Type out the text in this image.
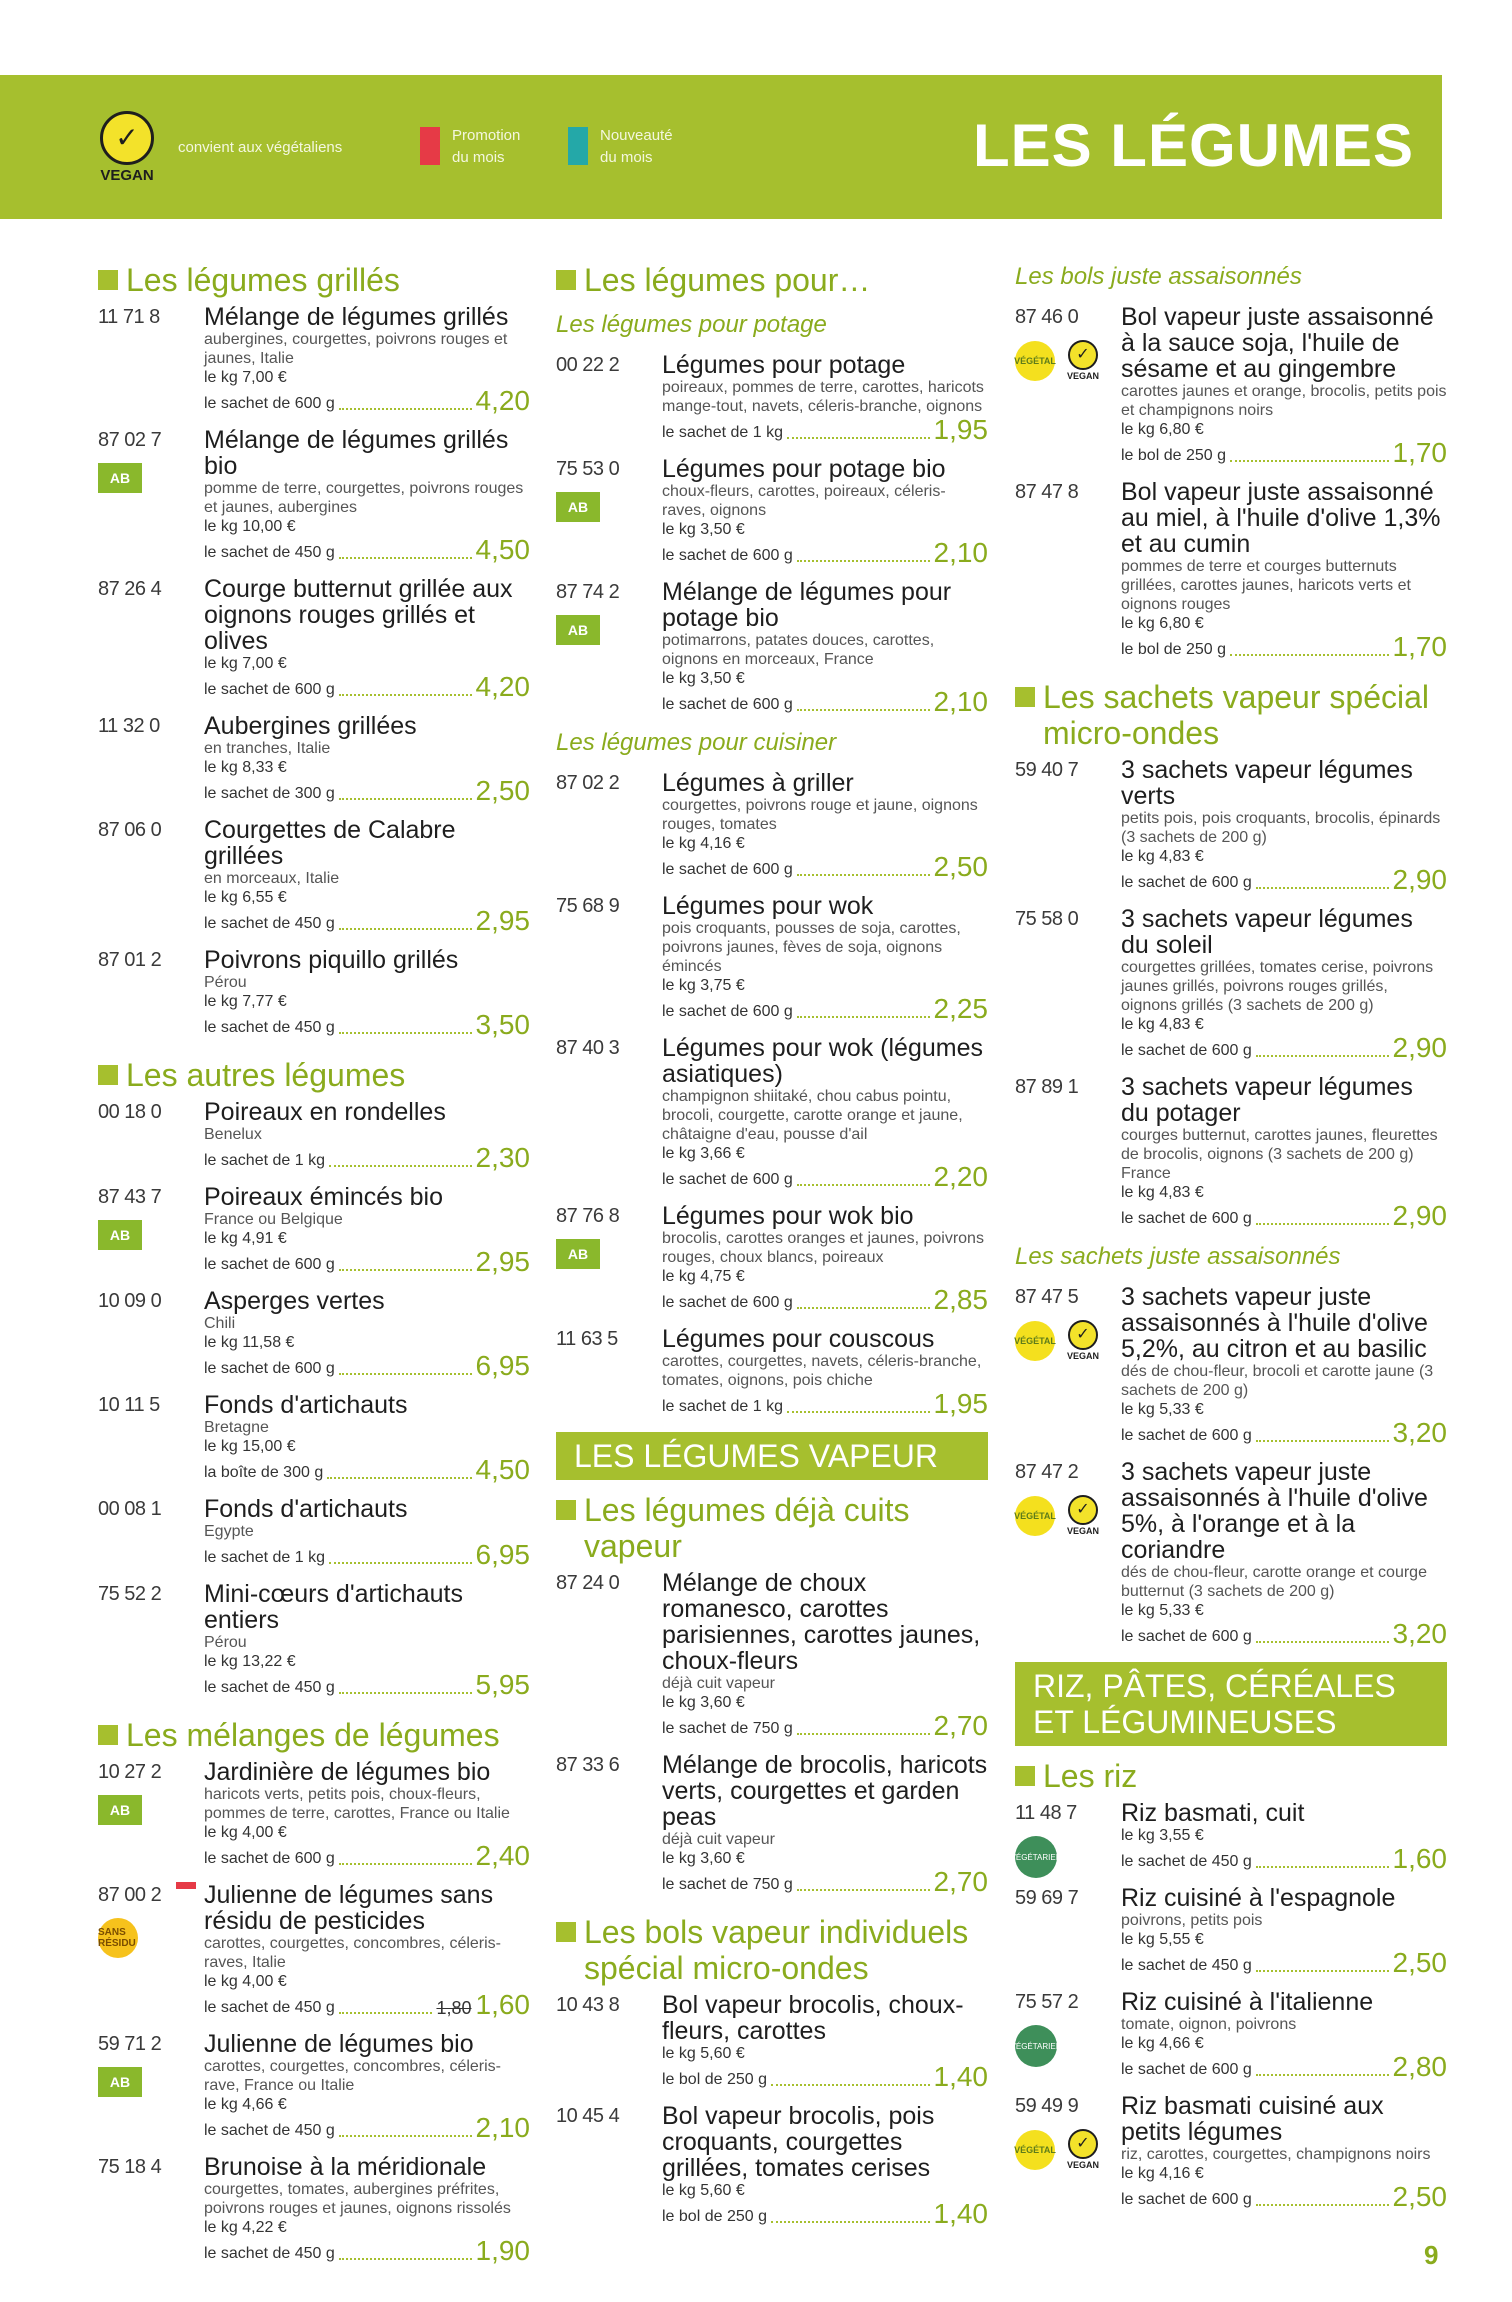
✓
VEGAN
convient aux végétaliens
Promotion
du mois
Nouveauté
du mois	LES LÉGUMES
Les légumes grillés
11 71 8 Mélange de légumes grillés
aubergines, courgettes, poivrons rouges et jaunes, Italie
le kg 7,00 €
le sachet de 600 g	4,20
87 02 7
AB
Mélange de légumes grillés bio
pomme de terre, courgettes, poivrons rouges et jaunes, aubergines
le kg 10,00 €
le sachet de 450 g	4,50
87 26 4 Courge butternut grillée aux oignons rouges grillés et olives
le kg 7,00 €
le sachet de 600 g	4,20
11 32 0 Aubergines grillées
en tranches, Italie
le kg 8,33 €
le sachet de 300 g	2,50
87 06 0 Courgettes de Calabre grillées
en morceaux, Italie
le kg 6,55 €
le sachet de 450 g	2,95
87 01 2 Poivrons piquillo grillés
Pérou
le kg 7,77 €
le sachet de 450 g	3,50
Les autres légumes
00 18 0 Poireaux en rondelles
Benelux
le sachet de 1 kg	2,30
87 43 7
AB
Poireaux émincés bio
France ou Belgique
le kg 4,91 €
le sachet de 600 g	2,95
10 09 0 Asperges vertes
Chili
le kg 11,58 €
le sachet de 600 g	6,95
10 11 5 Fonds d'artichauts
Bretagne
le kg 15,00 €
la boîte de 300 g	4,50
00 08 1 Fonds d'artichauts
Egypte
le sachet de 1 kg	6,95
75 52 2 Mini-cœurs d'artichauts entiers
Pérou
le kg 13,22 €
le sachet de 450 g	5,95
Les mélanges de légumes
10 27 2
AB
Jardinière de légumes bio
haricots verts, petits pois, choux-fleurs, pommes de terre, carottes, France ou Italie
le kg 4,00 €
le sachet de 600 g	2,40
87 00 2
SANS RÉSIDU
Julienne de légumes sans résidu de pesticides
carottes, courgettes, concombres, céleris-raves, Italie
le kg 4,00 €
le sachet de 450 g	1,80 1,60
59 71 2
AB
Julienne de légumes bio
carottes, courgettes, concombres, céleris-rave, France ou Italie
le kg 4,66 €
le sachet de 450 g	2,10
75 18 4 Brunoise à la méridionale
courgettes, tomates, aubergines préfrites, poivrons rouges et jaunes, oignons rissolés
le kg 4,22 €
le sachet de 450 g	1,90
Les légumes pour…
Les légumes pour potage
00 22 2 Légumes pour potage
poireaux, pommes de terre, carottes, haricots mange-tout, navets, céleris-branche, oignons
le sachet de 1 kg	1,95
75 53 0
AB
Légumes pour potage bio
choux-fleurs, carottes, poireaux, céleris-raves, oignons
le kg 3,50 €
le sachet de 600 g	2,10
87 74 2
AB
Mélange de légumes pour potage bio
potimarrons, patates douces, carottes, oignons en morceaux, France
le kg 3,50 €
le sachet de 600 g	2,10
Les légumes pour cuisiner
87 02 2 Légumes à griller
courgettes, poivrons rouge et jaune, oignons rouges, tomates
le kg 4,16 €
le sachet de 600 g	2,50
75 68 9 Légumes pour wok
pois croquants, pousses de soja, carottes, poivrons jaunes, fèves de soja, oignons émincés
le kg 3,75 €
le sachet de 600 g	2,25
87 40 3 Légumes pour wok (légumes asiatiques)
champignon shiitaké, chou cabus pointu, brocoli, courgette, carotte orange et jaune, châtaigne d'eau, pousse d'ail
le kg 3,66 €
le sachet de 600 g	2,20
87 76 8
AB
Légumes pour wok bio
brocolis, carottes oranges et jaunes, poivrons rouges, choux blancs, poireaux
le kg 4,75 €
le sachet de 600 g	2,85
11 63 5 Légumes pour couscous
carottes, courgettes, navets, céleris-branche, tomates, oignons, pois chiche
le sachet de 1 kg	1,95
LES LÉGUMES VAPEUR
Les légumes déjà cuits vapeur
87 24 0 Mélange de choux romanesco, carottes parisiennes, carottes jaunes, choux-fleurs
déjà cuit vapeur
le kg 3,60 €
le sachet de 750 g	2,70
87 33 6 Mélange de brocolis, haricots verts, courgettes et garden peas
déjà cuit vapeur
le kg 3,60 €
le sachet de 750 g	2,70
Les bols vapeur individuels spécial micro-ondes
10 43 8 Bol vapeur brocolis, choux-fleurs, carottes
le kg 5,60 €
le bol de 250 g	1,40
10 45 4 Bol vapeur brocolis, pois croquants, courgettes grillées, tomates cerises
le kg 5,60 €
le bol de 250 g	1,40
Les bols juste assaisonnés
87 46 0
VÉGÉTAL	✓
VEGAN
Bol vapeur juste assaisonné à la sauce soja, l'huile de sésame et au gingembre
carottes jaunes et orange, brocolis, petits pois et champignons noirs
le kg 6,80 €
le bol de 250 g	1,70
87 47 8 Bol vapeur juste assaisonné au miel, à l'huile d'olive 1,3% et au cumin
pommes de terre et courges butternuts grillées, carottes jaunes, haricots verts et oignons rouges
le kg 6,80 €
le bol de 250 g	1,70
Les sachets vapeur spécial micro-ondes
59 40 7 3 sachets vapeur légumes verts
petits pois, pois croquants, brocolis, épinards (3 sachets de 200 g)
le kg 4,83 €
le sachet de 600 g	2,90
75 58 0 3 sachets vapeur légumes du soleil
courgettes grillées, tomates cerise, poivrons jaunes grillés, poivrons rouges grillés, oignons grillés (3 sachets de 200 g)
le kg 4,83 €
le sachet de 600 g	2,90
87 89 1 3 sachets vapeur légumes du potager
courges butternut, carottes jaunes, fleurettes de brocolis, oignons (3 sachets de 200 g) France
le kg 4,83 €
le sachet de 600 g	2,90
Les sachets juste assaisonnés
87 47 5
VÉGÉTAL	✓
VEGAN
3 sachets vapeur juste assaisonnés à l'huile d'olive 5,2%, au citron et au basilic
dés de chou-fleur, brocoli et carotte jaune (3 sachets de 200 g)
le kg 5,33 €
le sachet de 600 g	3,20
87 47 2
VÉGÉTAL	✓
VEGAN
3 sachets vapeur juste assaisonnés à l'huile d'olive 5%, à l'orange et à la coriandre
dés de chou-fleur, carotte orange et courge butternut (3 sachets de 200 g)
le kg 5,33 €
le sachet de 600 g	3,20
RIZ, PÂTES, CÉRÉALES ET LÉGUMINEUSES
Les riz
11 48 7
VÉGÉTARIEN
Riz basmati, cuit
le kg 3,55 €
le sachet de 450 g	1,60
59 69 7 Riz cuisiné à l'espagnole
poivrons, petits pois
le kg 5,55 €
le sachet de 450 g	2,50
75 57 2
VÉGÉTARIEN
Riz cuisiné à l'italienne
tomate, oignon, poivrons
le kg 4,66 €
le sachet de 600 g	2,80
59 49 9
VÉGÉTAL	✓
VEGAN
Riz basmati cuisiné aux petits légumes
riz, carottes, courgettes, champignons noirs
le kg 4,16 €
le sachet de 600 g	2,50
9
